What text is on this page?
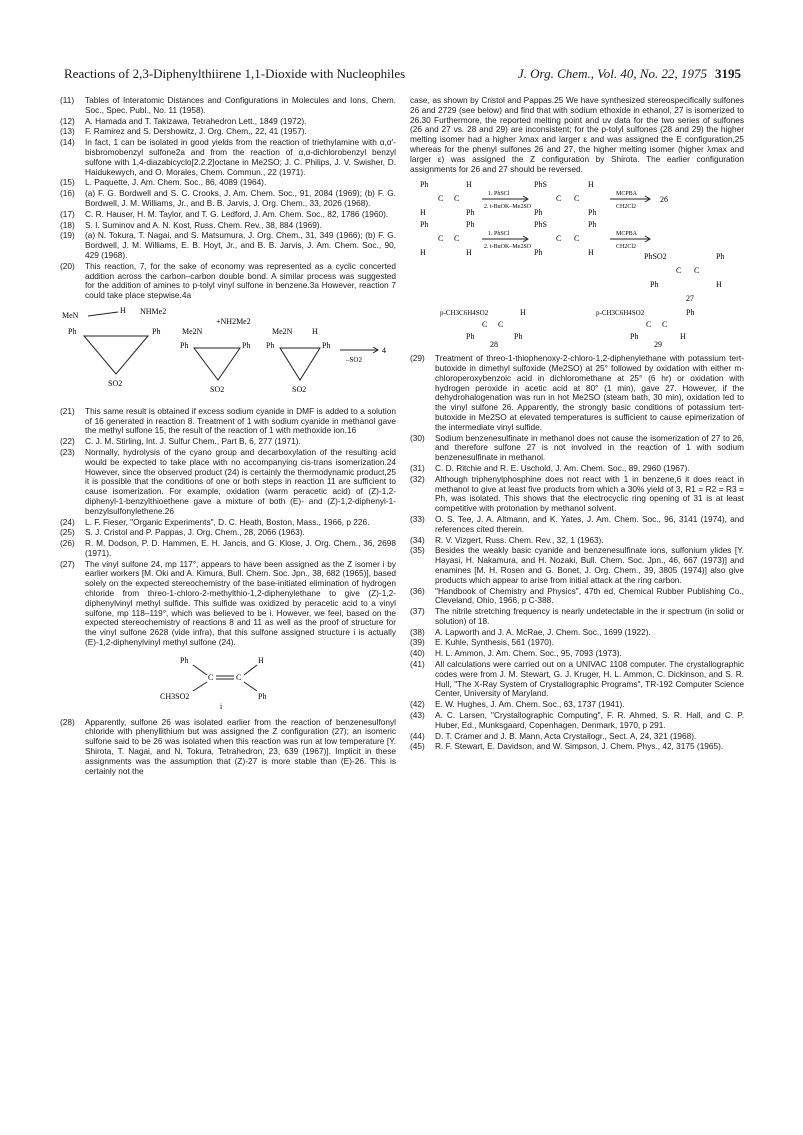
Reactions of 2,3-Diphenylthiirene 1,1-Dioxide with Nucleophiles	J. Org. Chem., Vol. 40, No. 22, 1975 3195
(11)	Tables of Interatomic Distances and Configurations in Molecules and Ions, Chem. Soc., Spec. Publ., No. 11 (1958).
(12)	A. Hamada and T. Takizawa, Tetrahedron Lett., 1849 (1972).
(13)	F. Ramirez and S. Dershowitz, J. Org. Chem., 22, 41 (1957).
(14)	In fact, 1 can be isolated in good yields from the reaction of triethylamine with α,α'-bisbromobenzyl sulfone2a and from the reaction of α,α-dichlorobenzyl benzyl sulfone with 1,4-diazabicyclo[2.2.2]octane in Me2SO; J. C. Philips, J. V. Swisher, D. Haidukewych, and O. Morales, Chem. Commun., 22 (1971).
(15)	L. Paquette, J. Am. Chem. Soc., 86, 4089 (1964).
(16)	(a) F. G. Bordwell and S. C. Crooks, J. Am. Chem. Soc., 91, 2084 (1969); (b) F. G. Bordwell, J. M. Williams, Jr., and B. B. Jarvis, J. Org. Chem., 33, 2026 (1968).
(17)	C. R. Hauser, H. M. Taylor, and T. G. Ledford, J. Am. Chem. Soc., 82, 1786 (1960).
(18)	S. I. Suminov and A. N. Kost, Russ. Chem. Rev., 38, 884 (1969).
(19)	(a) N. Tokura, T. Nagai, and S. Matsumura, J. Org. Chem., 31, 349 (1966); (b) F. G. Bordwell, J. M. Williams, E. B. Hoyt, Jr., and B. B. Jarvis, J. Am. Chem. Soc., 90, 429 (1968).
(20)	This reaction, 7, for the sake of economy was represented as a cyclic concerted addition across the carbon–carbon double bond. A similar process was suggested for the addition of amines to p-tolyl vinyl sulfone in benzene.3a However, reaction 7 could take place stepwise.4a
MeN
H NHMe2
Ph	Ph
SO2
Me2N
+NH2Me2
Ph	Ph
SO2
Me2N H
Ph	Ph
SO2
–SO2
4
(21)	This same result is obtained if excess sodium cyanide in DMF is added to a solution of 16 generated in reaction 8. Treatment of 1 with sodium cyanide in methanol gave the methyl sulfone 15, the result of the reaction of 1 with methoxide ion.16
(22)	C. J. M. Stirling, Int. J. Sulfur Chem., Part B, 6, 277 (1971).
(23)	Normally, hydrolysis of the cyano group and decarboxylation of the resulting acid would be expected to take place with no accompanying cis-trans isomerization.24 However, since the observed product (24) is certainly the thermodynamic product,25 it is possible that the conditions of one or both steps in reaction 11 are sufficient to cause isomerization. For example, oxidation (warm peracetic acid) of (Z)-1,2-diphenyl-1-benzylthioethene gave a mixture of both (E)- and (Z)-1,2-diphenyl-1-benzylsulfonylethene.26
(24)	L. F. Fieser, "Organic Experiments", D. C. Heath, Boston, Mass., 1966, p 226.
(25)	S. J. Cristol and P. Pappas, J. Org. Chem., 28, 2066 (1963).
(26)	R. M. Dodson, P. D. Hammen, E. H. Jancis, and G. Klose, J. Org. Chem., 36, 2698 (1971).
(27)	The vinyl sulfone 24, mp 117°, appears to have been assigned as the Z isomer i by earlier workers [M. Oki and A. Kimura, Bull. Chem. Soc. Jpn., 38, 682 (1965)], based solely on the expected stereochemistry of the base-initiated elimination of hydrogen chloride from threo-1-chloro-2-methylthio-1,2-diphenylethane to give (Z)-1,2-diphenylvinyl methyl sulfide. This sulfide was oxidized by peracetic acid to a vinyl sulfone, mp 118–119°, which was believed to be i. However, we feel, based on the expected stereochemistry of reactions 8 and 11 as well as the proof of structure for the vinyl sulfone 2628 (vide infra), that this sulfone assigned structure i is actually (E)-1,2-diphenylvinyl methyl sulfone (24).
Ph	H
C	C
CH3SO2	Ph
i
(28)	Apparently, sulfone 26 was isolated earlier from the reaction of benzenesulfonyl chloride with phenyllithium but was assigned the Z configuration (27); an isomeric sulfone said to be 26 was isolated when this reaction was run at low temperature [Y. Shirota, T. Nagai, and N. Tokura, Tetrahedron, 23, 639 (1967)]. Implicit in these assignments was the assumption that (Z)-27 is more stable than (E)-26. This is certainly not the
case, as shown by Cristol and Pappas.25 We have synthesized stereospecifically sulfones 26 and 2729 (see below) and find that with sodium ethoxide in ethanol, 27 is isomerized to 26.30 Furthermore, the reported melting point and uv data for the two series of sulfones (26 and 27 vs. 28 and 29) are inconsistent; for the p-tolyl sulfones (28 and 29) the higher melting isomer had a higher λmax and larger ε and was assigned the E configuration,25 whereas for the phenyl sulfones 26 and 27, the higher melting isomer (higher λmax and larger ε) was assigned the Z configuration by Shirota. The earlier configuration assignments for 26 and 27 should be reversed.
Ph	H
C C
H	Ph
1. PhSCl
2. t-BuOK–Me2SO
PhS	H
C C
Ph	Ph
MCPBA
CH2Cl2
26
Ph	Ph
C C
H	H
1. PhSCl
2. t-BuOK–Me2SO
PhS	Ph
C C
Ph	H
MCPBA
CH2Cl2
PhSO2	Ph
C C
Ph	H
27
p-CH3C6H4SO2	H
C C
Ph	Ph
28
p-CH3C6H4SO2	Ph
C C
Ph	H
29
(29)	Treatment of threo-1-thiophenoxy-2-chloro-1,2-diphenylethane with potassium tert-butoxide in dimethyl sulfoxide (Me2SO) at 25° followed by oxidation with either m-chloroperoxybenzoic acid in dichloromethane at 25° (6 hr) or oxidation with hydrogen peroxide in acetic acid at 80° (1 min), gave 27. However, if the dehydrohalogenation was run in hot Me2SO (steam bath, 30 min), oxidation led to the vinyl sulfone 26. Apparently, the strongly basic conditions of potassium tert-butoxide in Me2SO at elevated temperatures is sufficient to cause epimerization of the intermediate vinyl sulfide.
(30)	Sodium benzenesulfinate in methanol does not cause the isomerization of 27 to 26, and therefore sulfone 27 is not involved in the reaction of 1 with sodium benzenesulfinate in methanol.
(31)	C. D. Ritchie and R. E. Uschold, J. Am. Chem. Soc., 89, 2960 (1967).
(32)	Although triphenylphosphine does not react with 1 in benzene,6 it does react in methanol to give at least five products from which a 30% yield of 3, R1 = R2 = R3 = Ph, was isolated. This shows that the electrocyclic ring opening of 31 is at least competitive with protonation by methanol solvent.
(33)	O. S. Tee, J. A. Altmann, and K. Yates, J. Am. Chem. Soc., 96, 3141 (1974), and references cited therein.
(34)	R. V. Vizgert, Russ. Chem. Rev., 32, 1 (1963).
(35)	Besides the weakly basic cyanide and benzenesulfinate ions, sulfonium ylides [Y. Hayasi, H. Nakamura, and H. Nozaki, Bull. Chem. Soc. Jpn., 46, 667 (1973)] and enamines [M. H. Rosen and G. Bonet, J. Org. Chem., 39, 3805 (1974)] also give products which appear to arise from initial attack at the ring carbon.
(36)	"Handbook of Chemistry and Physics", 47th ed, Chemical Rubber Publishing Co., Cleveland, Ohio, 1966, p C-388.
(37)	The nitrile stretching frequency is nearly undetectable in the ir spectrum (in solid or solution) of 18.
(38)	A. Lapworth and J. A. McRae, J. Chem. Soc., 1699 (1922).
(39)	E. Kuhle, Synthesis, 561 (1970).
(40)	H. L. Ammon, J. Am. Chem. Soc., 95, 7093 (1973).
(41)	All calculations were carried out on a UNIVAC 1108 computer. The crystallographic codes were from J. M. Stewart, G. J. Kruger, H. L. Ammon, C. Dickinson, and S. R. Hull, "The X-Ray System of Crystallographic Programs", TR-192 Computer Science Center, University of Maryland.
(42)	E. W. Hughes, J. Am. Chem. Soc., 63, 1737 (1941).
(43)	A. C. Larsen, "Crystallographic Computing", F. R. Ahmed, S. R. Hall, and C. P. Huber, Ed., Munksgaard, Copenhagen, Denmark, 1970, p 291.
(44)	D. T. Cramer and J. B. Mann, Acta Crystallogr., Sect. A, 24, 321 (1968).
(45)	R. F. Stewart, E. Davidson, and W. Simpson, J. Chem. Phys., 42, 3175 (1965).
